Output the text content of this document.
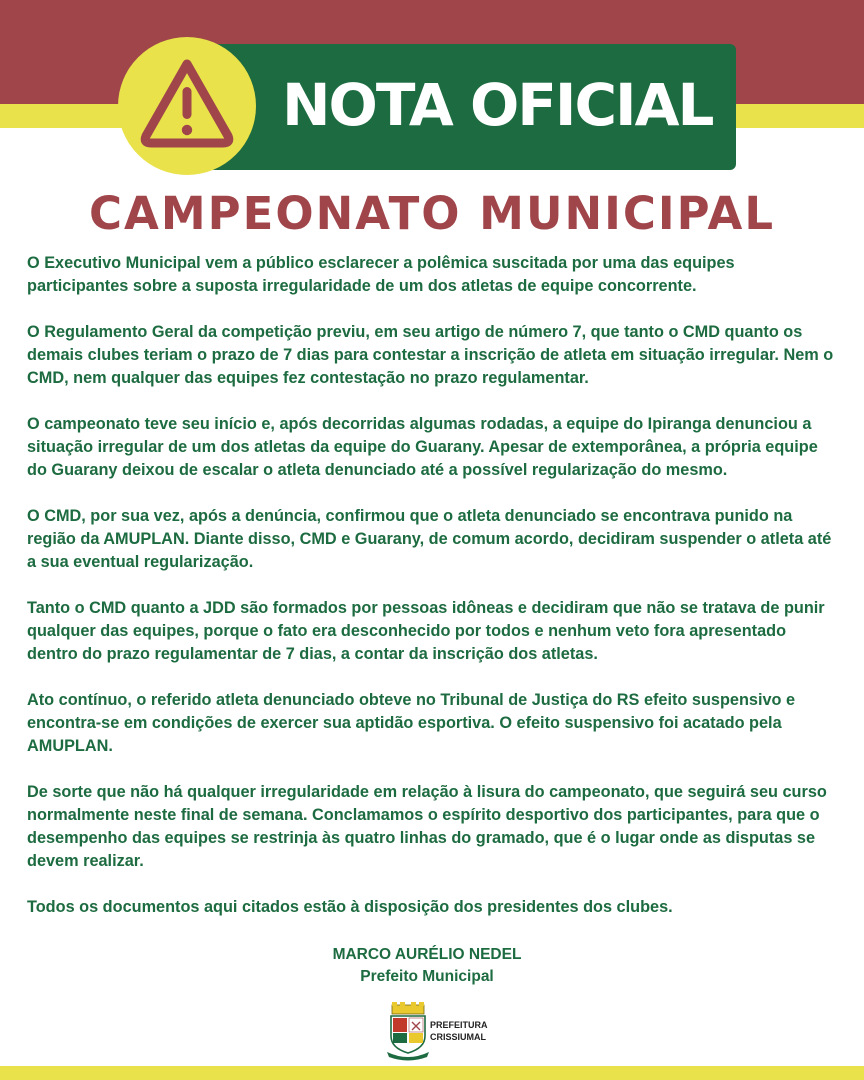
NOTA OFICIAL
CAMPEONATO MUNICIPAL

O Executivo Municipal vem a público esclarecer a polêmica suscitada por uma das equipes participantes sobre a suposta irregularidade de um dos atletas de equipe concorrente.

O Regulamento Geral da competição previu, em seu artigo de número 7, que tanto o CMD quanto os demais clubes teriam o prazo de 7 dias para contestar a inscrição de atleta em situação irregular. Nem o CMD, nem qualquer das equipes fez contestação no prazo regulamentar.

O campeonato teve seu início e, após decorridas algumas rodadas, a equipe do Ipiranga denunciou a situação irregular de um dos atletas da equipe do Guarany. Apesar de extemporânea, a própria equipe do Guarany deixou de escalar o atleta denunciado até a possível regularização do mesmo.

O CMD, por sua vez, após a denúncia, confirmou que o atleta denunciado se encontrava punido na região da AMUPLAN. Diante disso, CMD e Guarany, de comum acordo, decidiram suspender o atleta até a sua eventual regularização.

Tanto o CMD quanto a JDD são formados por pessoas idôneas e decidiram que não se tratava de punir qualquer das equipes, porque o fato era desconhecido por todos e nenhum veto fora apresentado dentro do prazo regulamentar de 7 dias, a contar da inscrição dos atletas.

Ato contínuo, o referido atleta denunciado obteve no Tribunal de Justiça do RS efeito suspensivo e encontra-se em condições de exercer sua aptidão esportiva. O efeito suspensivo foi acatado pela AMUPLAN.

De sorte que não há qualquer irregularidade em relação à lisura do campeonato, que seguirá seu curso normalmente neste final de semana. Conclamamos o espírito desportivo dos participantes, para que o desempenho das equipes se restrinja às quatro linhas do gramado, que é o lugar onde as disputas se devem realizar.

Todos os documentos aqui citados estão à disposição dos presidentes dos clubes.

MARCO AURÉLIO NEDEL
Prefeito Municipal
PREFEITURA
CRISSIUMAL
